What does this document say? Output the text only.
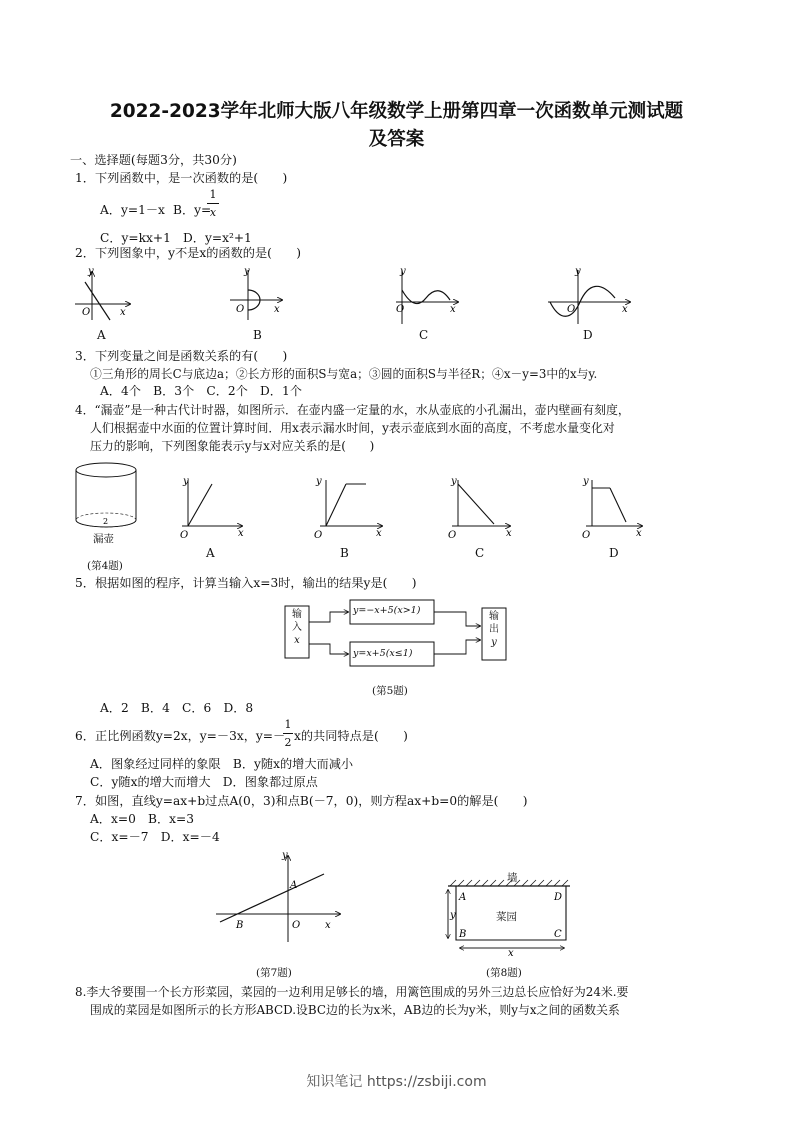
2022-2023学年北师大版八年级数学上册第四章一次函数单元测试题
及答案
一、选择题(每题3分，共30分)
1．下列函数中，是一次函数的是(　　)
A．y=1－x B．y=
1
x
C．y=kx+1　D．y=x²+1
2．下列图象中，y不是x的函数的是(　　)
y
O	x
y
O	x
y
O	x
y
O	x
A	B	C	D
3．下列变量之间是函数关系的有(　　)
①三角形的周长C与底边a；②长方形的面积S与宽a；③圆的面积S与半径R；④x－y=3中的x与y.
A．4个　B．3个　C．2个　D．1个
4．“漏壶”是一种古代计时器，如图所示．在壶内盛一定量的水，水从壶底的小孔漏出，壶内壁画有刻度，
人们根据壶中水面的位置计算时间．用x表示漏水时间，y表示壶底到水面的高度，不考虑水量变化对
压力的影响，下列图象能表示y与x对应关系的是(　　)
2
y
O	x
y
O	x
y
O	x
y
O	x
漏壶
(第4题)
A	B	C	D
5．根据如图的程序，计算当输入x=3时，输出的结果y是(　　)
输
入
x
y=−x+5(x>1)
y=x+5(x≤1)
输
出
y
(第5题)
A．2　B．4　C．6　D．8
6．正比例函数y=2x，y=－3x，y=－
1
2 x的共同特点是(　　)
A．图象经过同样的象限　B．y随x的增大而减小
C．y随x的增大而增大　D．图象都过原点
7．如图，直线y=ax+b过点A(0，3)和点B(－7，0)，则方程ax+b=0的解是(　　)
A．x=0　B．x=3
C．x=－7　D．x=－4
y
x
O
A
B
(第7题)
A	D
B	C
y
x
墙
菜园
(第8题)
8.李大爷要围一个长方形菜园，菜园的一边利用足够长的墙，用篱笆围成的另外三边总长应恰好为24米.要
围成的菜园是如图所示的长方形ABCD.设BC边的长为x米，AB边的长为y米，则y与x之间的函数关系
知识笔记 https://zsbiji.com
